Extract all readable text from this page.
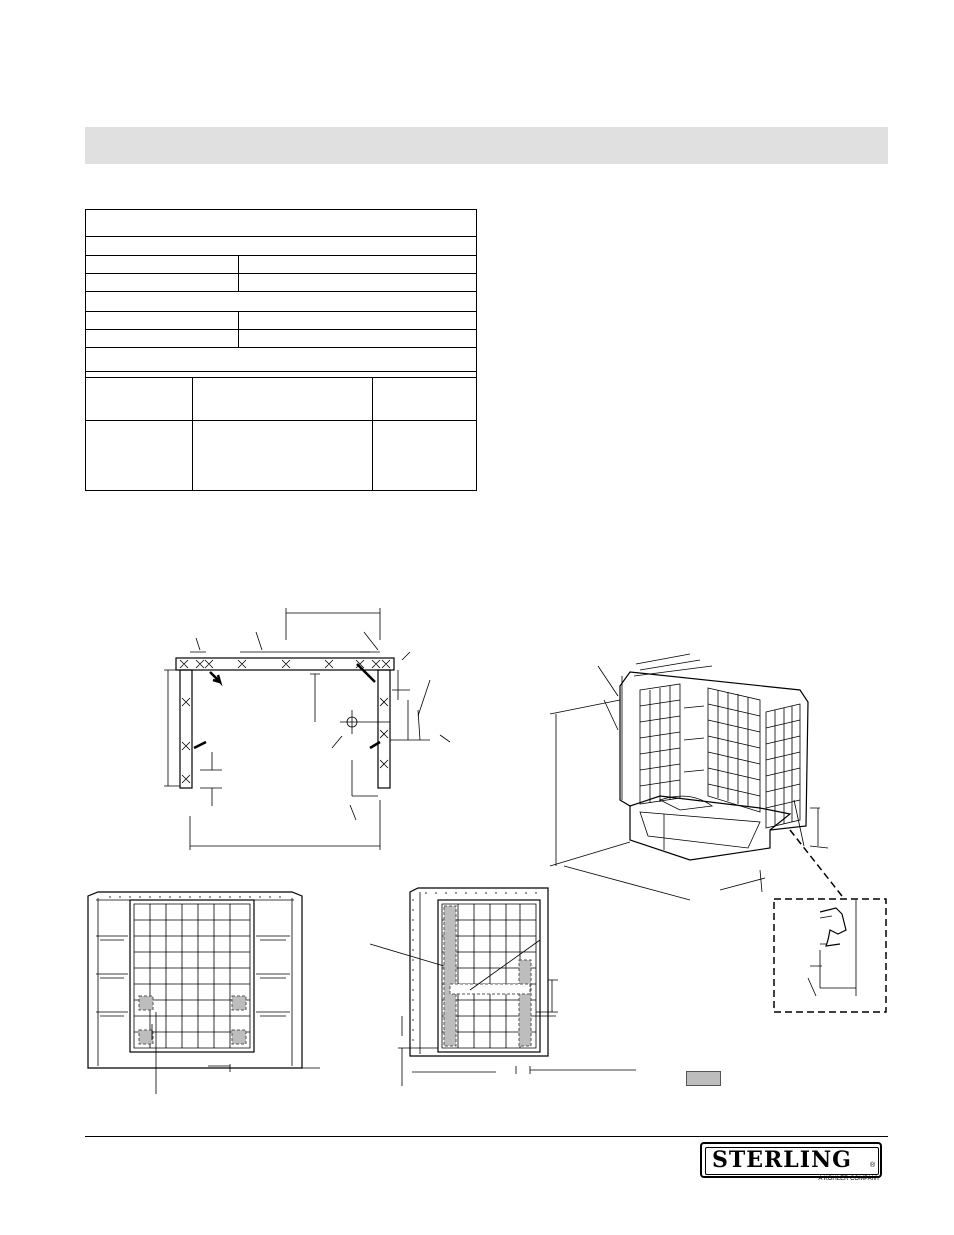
STERLING	®
A KOHLER COMPANY
